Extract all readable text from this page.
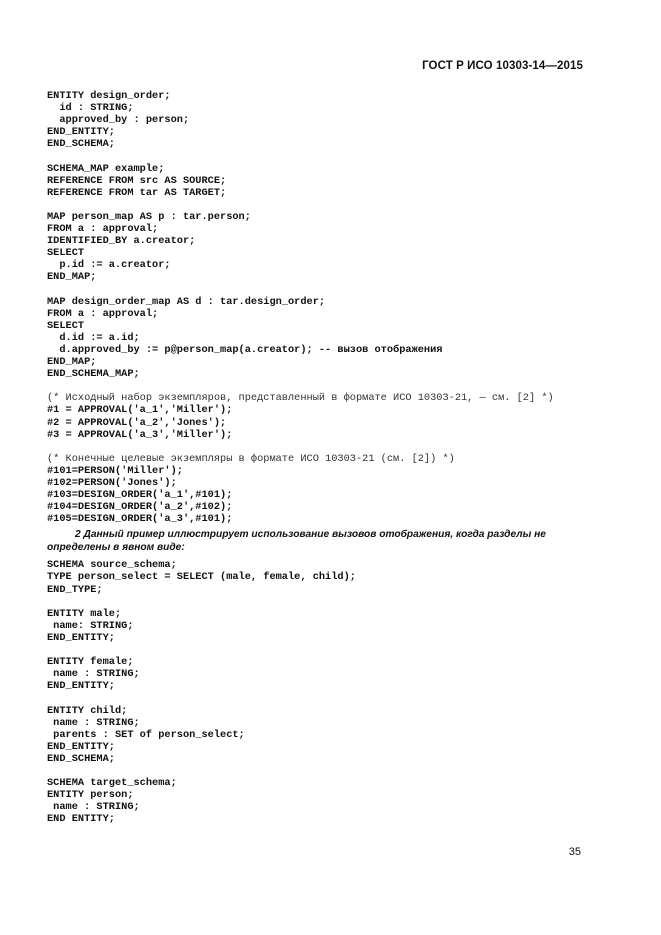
ГОСТ Р ИСО 10303-14—2015
ENTITY design_order;
id : STRING;
approved_by : person;
END_ENTITY;
END_SCHEMA;
SCHEMA_MAP example;
REFERENCE FROM src AS SOURCE;
REFERENCE FROM tar AS TARGET;
MAP person_map AS p : tar.person;
FROM a : approval;
IDENTIFIED_BY a.creator;
SELECT
p.id := a.creator;
END_MAP;
MAP design_order_map AS d : tar.design_order;
FROM a : approval;
SELECT
d.id := a.id;
d.approved_by := p@person_map(a.creator); -- вызов отображения
END_MAP;
END_SCHEMA_MAP;
(* Исходный набор экземпляров, представленный в формате ИСО 10303-21, — см. [2] *)
#1 = APPROVAL('a_1','Miller');
#2 = APPROVAL('a_2','Jones');
#3 = APPROVAL('a_3','Miller');
(* Конечные целевые экземпляры в формате ИСО 10303-21 (см. [2]) *)
#101=PERSON('Miller');
#102=PERSON('Jones');
#103=DESIGN_ORDER('a_1',#101);
#104=DESIGN_ORDER('a_2',#102);
#105=DESIGN_ORDER('a_3',#101);
2 Данный пример иллюстрирует использование вызовов отображения, когда разделы не определены в явном виде:
SCHEMA source_schema;
TYPE person_select = SELECT (male, female, child);
END_TYPE;
ENTITY male;
name: STRING;
END_ENTITY;
ENTITY female;
name : STRING;
END_ENTITY;
ENTITY child;
name : STRING;
parents : SET of person_select;
END_ENTITY;
END_SCHEMA;
SCHEMA target_schema;
ENTITY person;
name : STRING;
END ENTITY;
35
